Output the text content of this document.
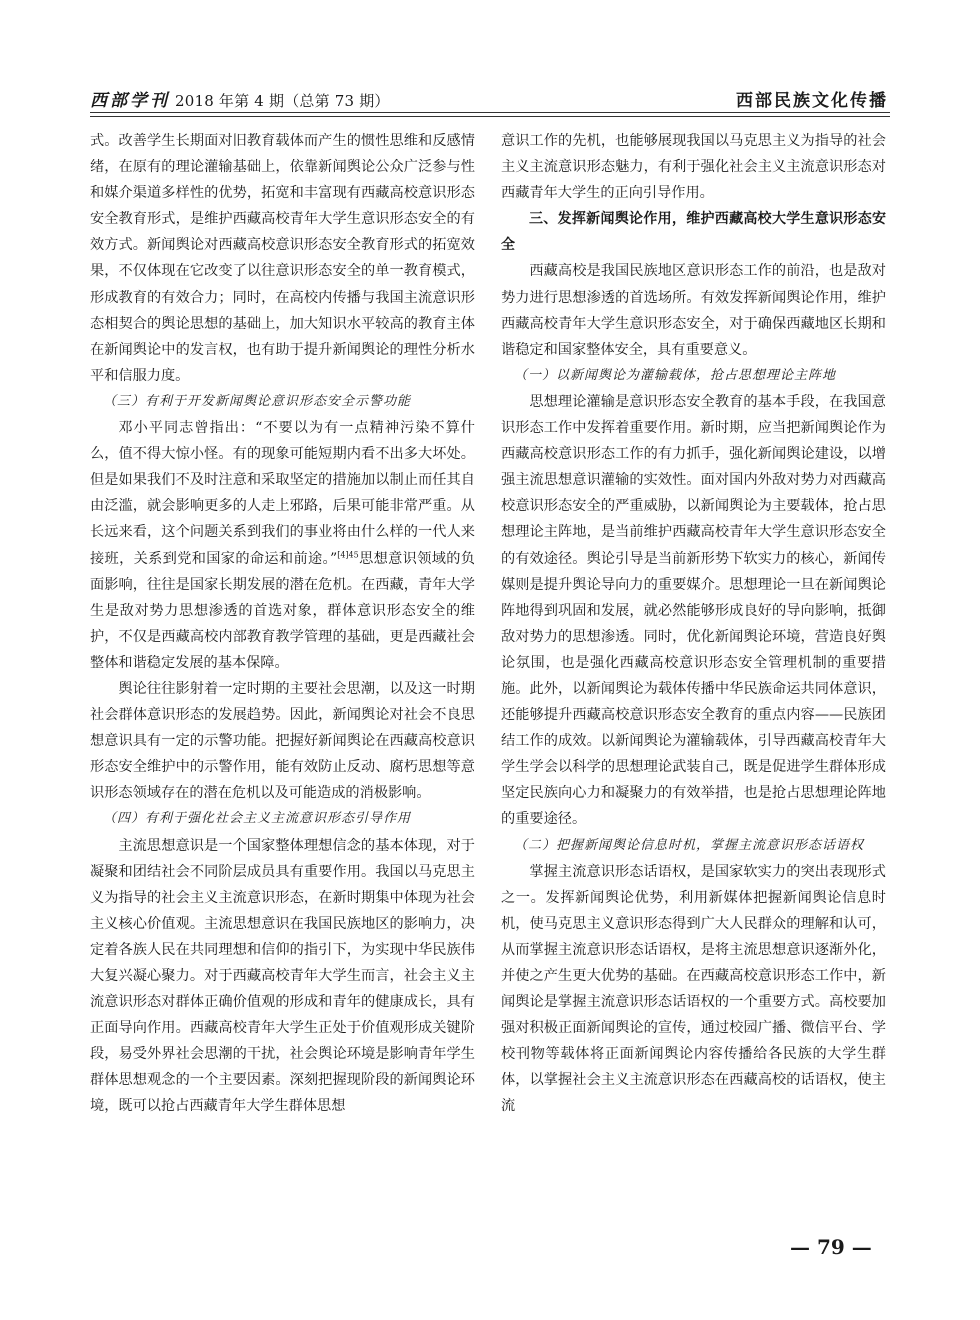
西部学刊 2018 年第 4 期（总第 73 期）	西部民族文化传播

式。改善学生长期面对旧教育载体而产生的惯性思维和反感情绪，在原有的理论灌输基础上，依靠新闻舆论公众广泛参与性和媒介渠道多样性的优势，拓宽和丰富现有西藏高校意识形态安全教育形式，是维护西藏高校青年大学生意识形态安全的有效方式。新闻舆论对西藏高校意识形态安全教育形式的拓宽效果，不仅体现在它改变了以往意识形态安全的单一教育模式，形成教育的有效合力；同时，在高校内传播与我国主流意识形态相契合的舆论思想的基础上，加大知识水平较高的教育主体在新闻舆论中的发言权，也有助于提升新闻舆论的理性分析水平和信服力度。

（三）有利于开发新闻舆论意识形态安全示警功能

邓小平同志曾指出：“不要以为有一点精神污染不算什么，值不得大惊小怪。有的现象可能短期内看不出多大坏处。但是如果我们不及时注意和采取坚定的措施加以制止而任其自由泛滥，就会影响更多的人走上邪路，后果可能非常严重。从长远来看，这个问题关系到我们的事业将由什么样的一代人来接班，关系到党和国家的命运和前途。”$^{[4]45}$思想意识领域的负面影响，往往是国家长期发展的潜在危机。在西藏，青年大学生是敌对势力思想渗透的首选对象，群体意识形态安全的维护，不仅是西藏高校内部教育教学管理的基础，更是西藏社会整体和谐稳定发展的基本保障。

舆论往往影射着一定时期的主要社会思潮，以及这一时期社会群体意识形态的发展趋势。因此，新闻舆论对社会不良思想意识具有一定的示警功能。把握好新闻舆论在西藏高校意识形态安全维护中的示警作用，能有效防止反动、腐朽思想等意识形态领域存在的潜在危机以及可能造成的消极影响。

（四）有利于强化社会主义主流意识形态引导作用

主流思想意识是一个国家整体理想信念的基本体现，对于凝聚和团结社会不同阶层成员具有重要作用。我国以马克思主义为指导的社会主义主流意识形态，在新时期集中体现为社会主义核心价值观。主流思想意识在我国民族地区的影响力，决定着各族人民在共同理想和信仰的指引下，为实现中华民族伟大复兴凝心聚力。对于西藏高校青年大学生而言，社会主义主流意识形态对群体正确价值观的形成和青年的健康成长，具有正面导向作用。西藏高校青年大学生正处于价值观形成关键阶段，易受外界社会思潮的干扰，社会舆论环境是影响青年学生群体思想观念的一个主要因素。深刻把握现阶段的新闻舆论环境，既可以抢占西藏青年大学生群体思想

意识工作的先机，也能够展现我国以马克思主义为指导的社会主义主流意识形态魅力，有利于强化社会主义主流意识形态对西藏青年大学生的正向引导作用。

三、发挥新闻舆论作用，维护西藏高校大学生意识形态安全

西藏高校是我国民族地区意识形态工作的前沿，也是敌对势力进行思想渗透的首选场所。有效发挥新闻舆论作用，维护西藏高校青年大学生意识形态安全，对于确保西藏地区长期和谐稳定和国家整体安全，具有重要意义。

（一）以新闻舆论为灌输载体，抢占思想理论主阵地

思想理论灌输是意识形态安全教育的基本手段，在我国意识形态工作中发挥着重要作用。新时期，应当把新闻舆论作为西藏高校意识形态工作的有力抓手，强化新闻舆论建设，以增强主流思想意识灌输的实效性。面对国内外敌对势力对西藏高校意识形态安全的严重威胁，以新闻舆论为主要载体，抢占思想理论主阵地，是当前维护西藏高校青年大学生意识形态安全的有效途径。舆论引导是当前新形势下软实力的核心，新闻传媒则是提升舆论导向力的重要媒介。思想理论一旦在新闻舆论阵地得到巩固和发展，就必然能够形成良好的导向影响，抵御敌对势力的思想渗透。同时，优化新闻舆论环境，营造良好舆论氛围，也是强化西藏高校意识形态安全管理机制的重要措施。此外，以新闻舆论为载体传播中华民族命运共同体意识，还能够提升西藏高校意识形态安全教育的重点内容——民族团结工作的成效。以新闻舆论为灌输载体，引导西藏高校青年大学生学会以科学的思想理论武装自己，既是促进学生群体形成坚定民族向心力和凝聚力的有效举措，也是抢占思想理论阵地的重要途径。

（二）把握新闻舆论信息时机，掌握主流意识形态话语权

掌握主流意识形态话语权，是国家软实力的突出表现形式之一。发挥新闻舆论优势，利用新媒体把握新闻舆论信息时机，使马克思主义意识形态得到广大人民群众的理解和认可，从而掌握主流意识形态话语权，是将主流思想意识逐渐外化，并使之产生更大优势的基础。在西藏高校意识形态工作中，新闻舆论是掌握主流意识形态话语权的一个重要方式。高校要加强对积极正面新闻舆论的宣传，通过校园广播、微信平台、学校刊物等载体将正面新闻舆论内容传播给各民族的大学生群体，以掌握社会主义主流意识形态在西藏高校的话语权，使主流

— 79 —
